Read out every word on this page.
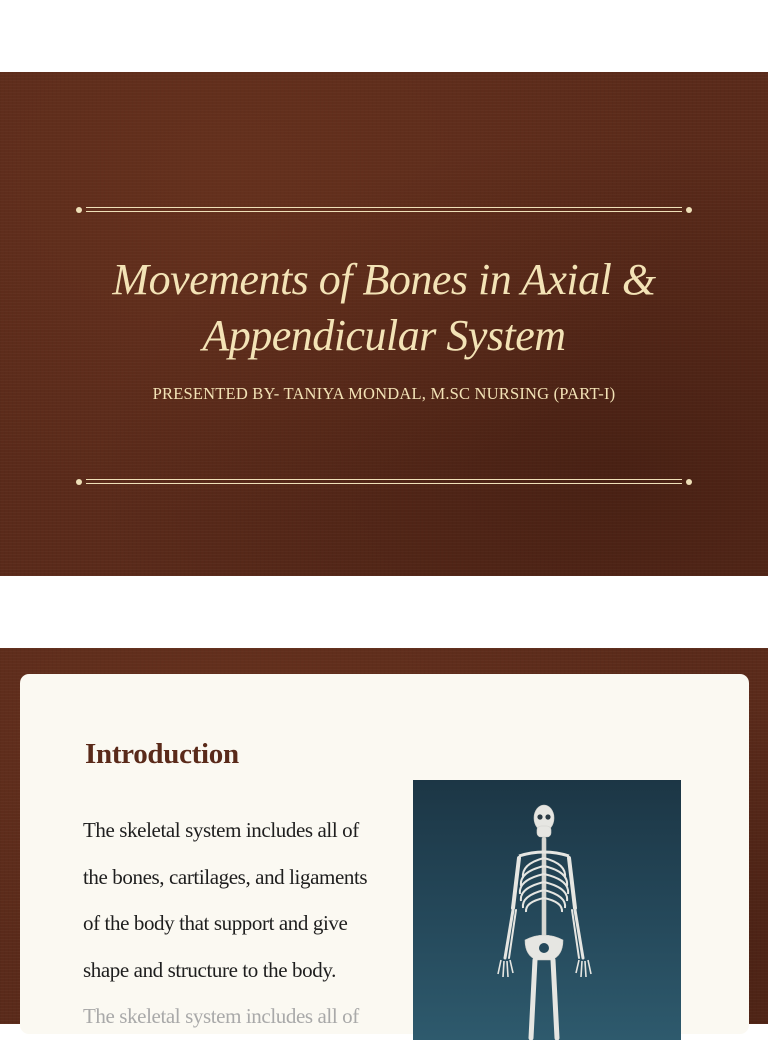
Movements of Bones in Axial &
Appendicular System
PRESENTED BY- TANIYA MONDAL, M.SC NURSING (PART-I)
Introduction
The skeletal system includes all of
the bones, cartilages, and ligaments
of the body that support and give
shape and structure to the body.
The skeletal system includes all of
